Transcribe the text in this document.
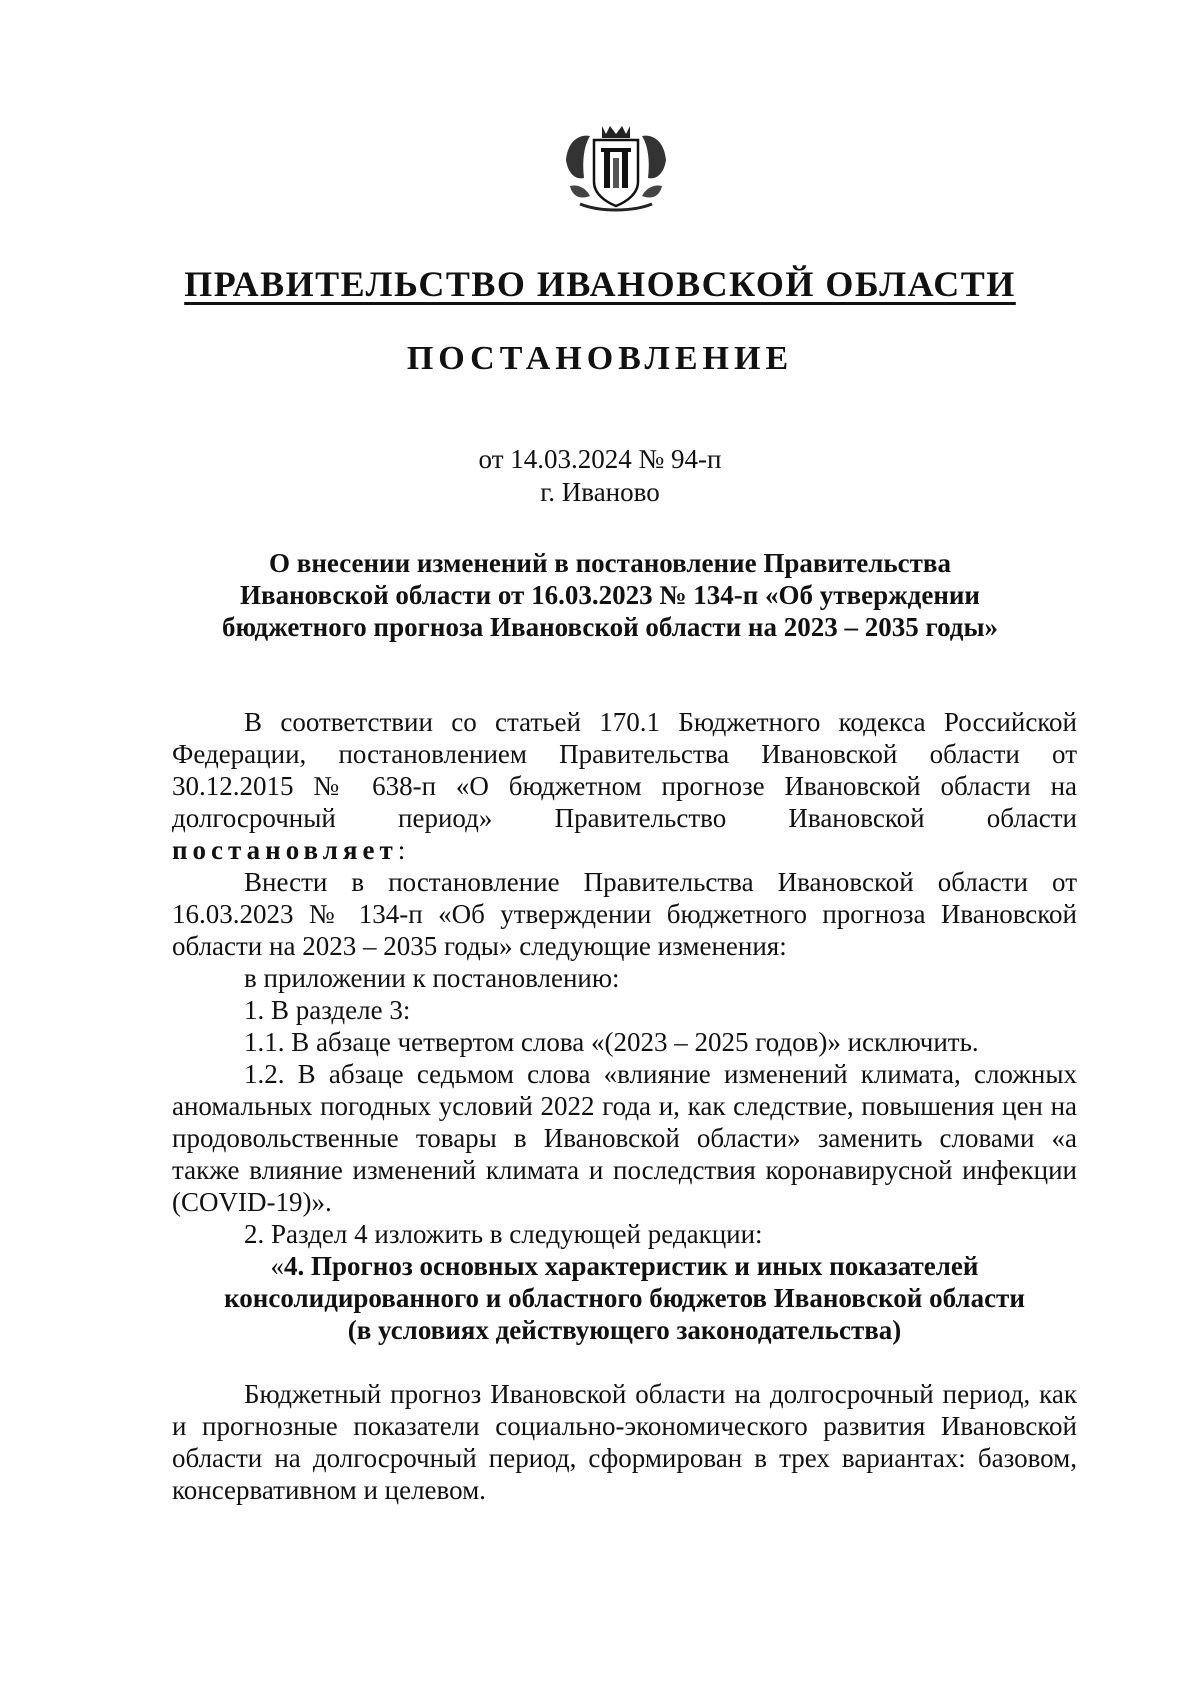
ПРАВИТЕЛЬСТВО ИВАНОВСКОЙ ОБЛАСТИ
ПОСТАНОВЛЕНИЕ
от 14.03.2024 № 94-п
г. Иваново
О внесении изменений в постановление Правительства
Ивановской области от 16.03.2023 № 134-п «Об утверждении
бюджетного прогноза Ивановской области на 2023 – 2035 годы»

В соответствии со статьей 170.1 Бюджетного кодекса Российской Федерации, постановлением Правительства Ивановской области от 30.12.2015 № 638-п «О бюджетном прогнозе Ивановской области на долгосрочный период» Правительство Ивановской области постановляет:

Внести в постановление Правительства Ивановской области от 16.03.2023 № 134-п «Об утверждении бюджетного прогноза Ивановской области на 2023 – 2035 годы» следующие изменения:

в приложении к постановлению:

1. В разделе 3:

1.1. В абзаце четвертом слова «(2023 – 2025 годов)» исключить.

1.2. В абзаце седьмом слова «влияние изменений климата, сложных аномальных погодных условий 2022 года и, как следствие, повышения цен на продовольственные товары в Ивановской области» заменить словами «а также влияние изменений климата и последствия коронавирусной инфекции (COVID-19)».

2. Раздел 4 изложить в следующей редакции:

«4. Прогноз основных характеристик и иных показателей
консолидированного и областного бюджетов Ивановской области
(в условиях действующего законодательства)

Бюджетный прогноз Ивановской области на долгосрочный период, как и прогнозные показатели социально-экономического развития Ивановской области на долгосрочный период, сформирован в трех вариантах: базовом, консервативном и целевом.
